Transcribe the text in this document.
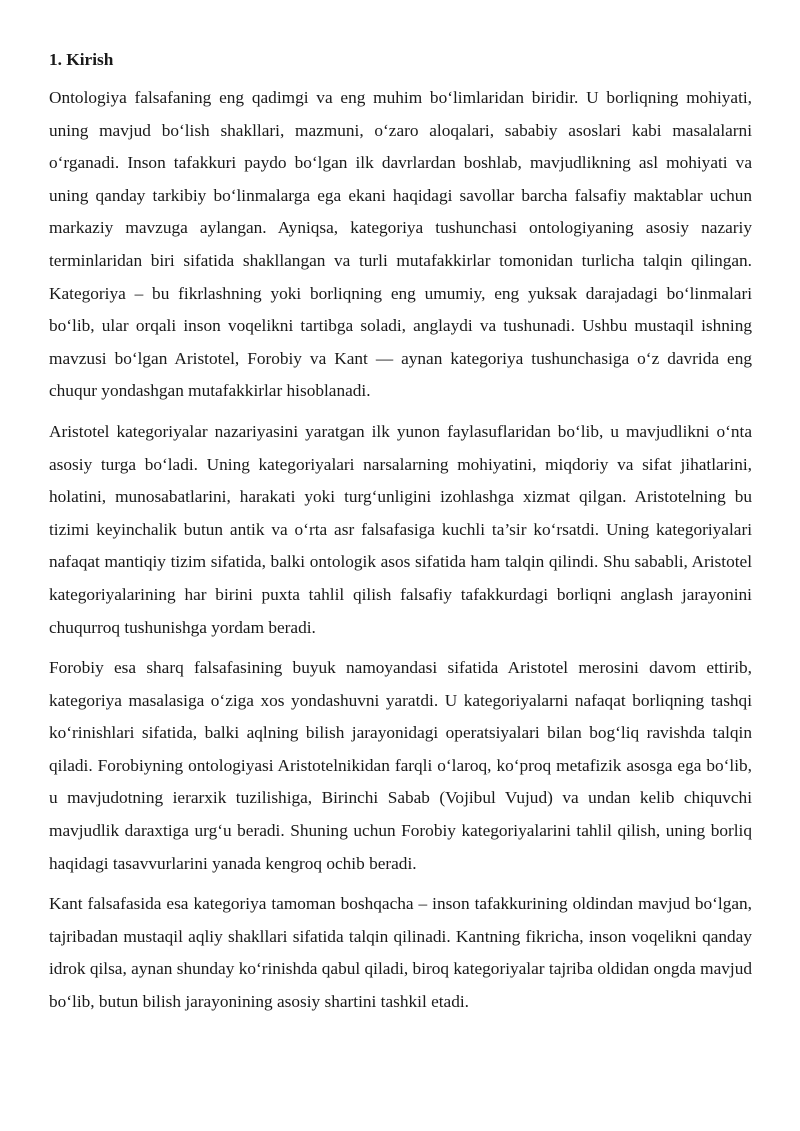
1. Kirish

Ontologiya falsafaning eng qadimgi va eng muhim bo‘limlaridan biridir. U borliqning mohiyati, uning mavjud bo‘lish shakllari, mazmuni, o‘zaro aloqalari, sababiy asoslari kabi masalalarni o‘rganadi. Inson tafakkuri paydo bo‘lgan ilk davrlardan boshlab, mavjudlikning asl mohiyati va uning qanday tarkibiy bo‘linmalarga ega ekani haqidagi savollar barcha falsafiy maktablar uchun markaziy mavzuga aylangan. Ayniqsa, kategoriya tushunchasi ontologiyaning asosiy nazariy terminlaridan biri sifatida shakllangan va turli mutafakkirlar tomonidan turlicha talqin qilingan. Kategoriya – bu fikrlashning yoki borliqning eng umumiy, eng yuksak darajadagi bo‘linmalari bo‘lib, ular orqali inson voqelikni tartibga soladi, anglaydi va tushunadi. Ushbu mustaqil ishning mavzusi bo‘lgan Aristotel, Forobiy va Kant — aynan kategoriya tushunchasiga o‘z davrida eng chuqur yondashgan mutafakkirlar hisoblanadi.

Aristotel kategoriyalar nazariyasini yaratgan ilk yunon faylasuflaridan bo‘lib, u mavjudlikni o‘nta asosiy turga bo‘ladi. Uning kategoriyalari narsalarning mohiyatini, miqdoriy va sifat jihatlarini, holatini, munosabatlarini, harakati yoki turg‘unligini izohlashga xizmat qilgan. Aristotelning bu tizimi keyinchalik butun antik va o‘rta asr falsafasiga kuchli ta’sir ko‘rsatdi. Uning kategoriyalari nafaqat mantiqiy tizim sifatida, balki ontologik asos sifatida ham talqin qilindi. Shu sababli, Aristotel kategoriyalarining har birini puxta tahlil qilish falsafiy tafakkurdagi borliqni anglash jarayonini chuqurroq tushunishga yordam beradi.

Forobiy esa sharq falsafasining buyuk namoyandasi sifatida Aristotel merosini davom ettirib, kategoriya masalasiga o‘ziga xos yondashuvni yaratdi. U kategoriyalarni nafaqat borliqning tashqi ko‘rinishlari sifatida, balki aqlning bilish jarayonidagi operatsiyalari bilan bog‘liq ravishda talqin qiladi. Forobiyning ontologiyasi Aristotelnikidan farqli o‘laroq, ko‘proq metafizik asosga ega bo‘lib, u mavjudotning ierarxik tuzilishiga, Birinchi Sabab (Vojibul Vujud) va undan kelib chiquvchi mavjudlik daraxtiga urg‘u beradi. Shuning uchun Forobiy kategoriyalarini tahlil qilish, uning borliq haqidagi tasavvurlarini yanada kengroq ochib beradi.

Kant falsafasida esa kategoriya tamoman boshqacha – inson tafakkurining oldindan mavjud bo‘lgan, tajribadan mustaqil aqliy shakllari sifatida talqin qilinadi. Kantning fikricha, inson voqelikni qanday idrok qilsa, aynan shunday ko‘rinishda qabul qiladi, biroq kategoriyalar tajriba oldidan ongda mavjud bo‘lib, butun bilish jarayonining asosiy shartini tashkil etadi.
